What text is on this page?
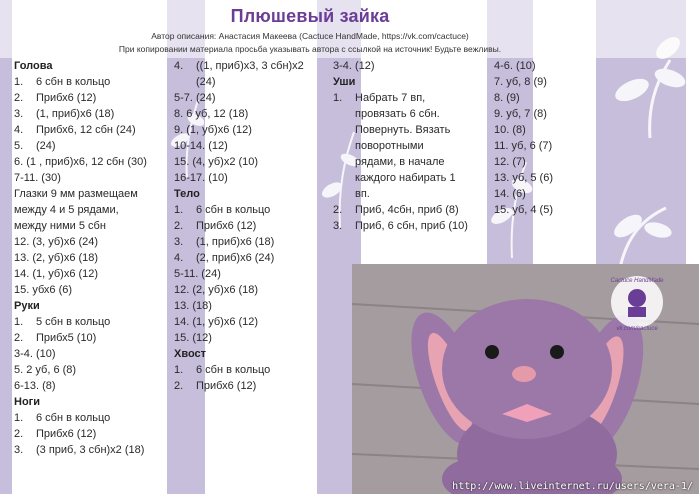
Плюшевый зайка
Автор описания: Анастасия Макеева (Cactuce HandMade, https://vk.com/cactuce)
При копировании материала просьба указывать автора с ссылкой на источник! Будьте вежливы.
Голова
1. 6 сбн в кольцо
2. Прибх6 (12)
3. (1, приб)х6 (18)
4. Прибх6, 12 сбн (24)
5. (24)
6. (1 , приб)х6, 12 сбн (30)
7-11. (30)
Глазки 9 мм размещаем
между 4 и 5 рядами,
между ними 5 сбн
12. (3, уб)х6 (24)
13. (2, уб)х6 (18)
14. (1, уб)х6 (12)
15. убх6 (6)
Руки
1. 5 сбн в кольцо
2. Прибх5 (10)
3-4. (10)
5. 2 уб, 6 (8)
6-13. (8)
Ноги
1. 6 сбн в кольцо
2. Прибх6 (12)
3. (3 приб, 3 сбн)х2 (18)
4. ((1, приб)х3, 3 сбн)х2
(24)
5-7. (24)
8. 6 уб, 12 (18)
9. (1, уб)х6 (12)
10-14. (12)
15. (4, уб)х2 (10)
16-17. (10)
Тело
1. 6 сбн в кольцо
2. Прибх6 (12)
3. (1, приб)х6 (18)
4. (2, приб)х6 (24)
5-11. (24)
12. (2, уб)х6 (18)
13. (18)
14. (1, уб)х6 (12)
15. (12)
Хвост
1. 6 сбн в кольцо
2. Прибх6 (12)
3-4. (12)
Уши
1. Набрать 7 вп,
провязать 6 сбн.
Повернуть. Вязать
поворотными
рядами, в начале
каждого набирать 1
вп.
2. Приб, 4сбн, приб (8)
3. Приб, 6 сбн, приб (10)
4-6. (10)
7. уб, 8 (9)
8. (9)
9. уб, 7 (8)
10. (8)
11. уб, 6 (7)
12. (7)
13. уб, 5 (6)
14. (6)
15. уб, 4 (5)
Cactuce HandMade
vk.com/cactuce
http://www.liveinternet.ru/users/vera-1/
